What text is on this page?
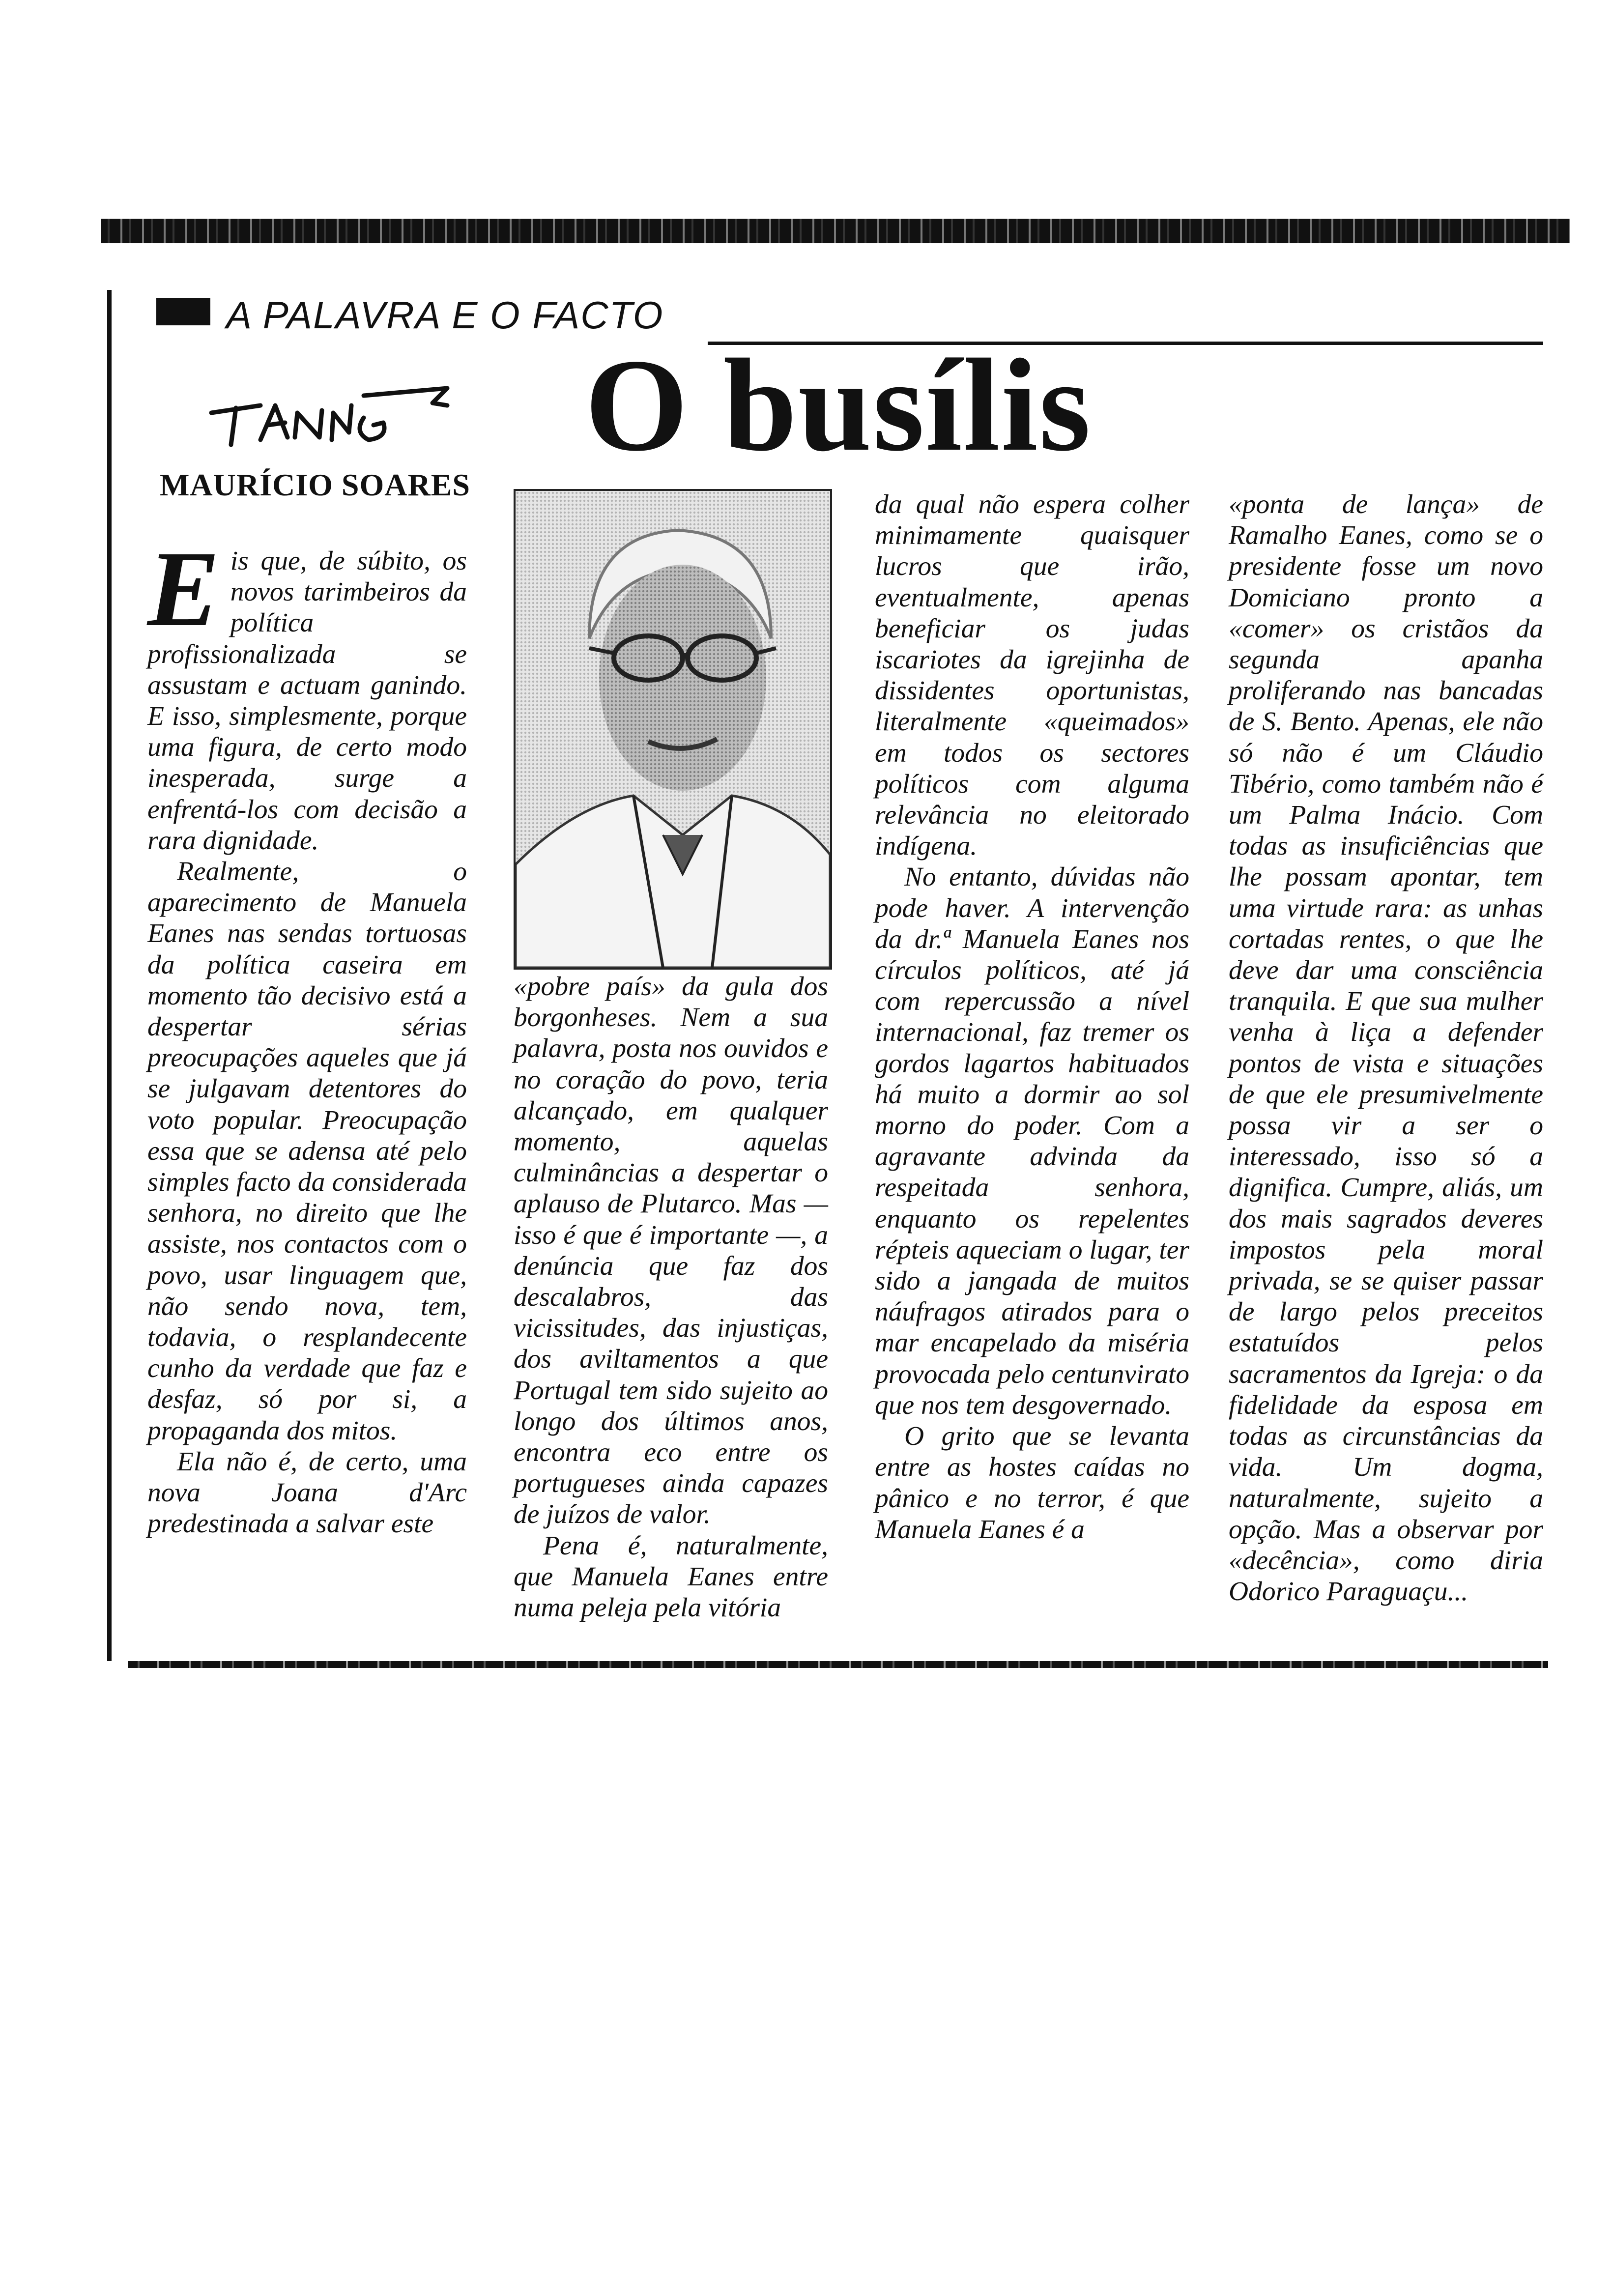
A PALAVRA E O FACTO
O busílis
MAURÍCIO SOARES

Eis que, de súbito, os novos tarimbeiros da política profissionalizada se assustam e actuam ganindo. E isso, simplesmente, porque uma figura, de certo modo inesperada, surge a enfrentá-los com decisão a rara dignidade.

Realmente, o aparecimento de Manuela Eanes nas sendas tortuosas da política caseira em momento tão decisivo está a despertar sérias preocupações aqueles que já se julgavam detentores do voto popular. Preocupação essa que se adensa até pelo simples facto da considerada senhora, no direito que lhe assiste, nos contactos com o povo, usar linguagem que, não sendo nova, tem, todavia, o resplandecente cunho da verdade que faz e desfaz, só por si, a propaganda dos mitos.

Ela não é, de certo, uma nova Joana d'Arc predestinada a salvar este

«pobre país» da gula dos borgonheses. Nem a sua palavra, posta nos ouvidos e no coração do povo, teria alcançado, em qualquer momento, aquelas culminâncias a despertar o aplauso de Plutarco. Mas — isso é que é importante —, a denúncia que faz dos descalabros, das vicissitudes, das injustiças, dos aviltamentos a que Portugal tem sido sujeito ao longo dos últimos anos, encontra eco entre os portugueses ainda capazes de juízos de valor.

Pena é, naturalmente, que Manuela Eanes entre numa peleja pela vitória

da qual não espera colher minimamente quaisquer lucros que irão, eventualmente, apenas beneficiar os judas iscariotes da igrejinha de dissidentes oportunistas, literalmente «queimados» em todos os sectores políticos com alguma relevância no eleitorado indígena.

No entanto, dúvidas não pode haver. A intervenção da dr.ª Manuela Eanes nos círculos políticos, até já com repercussão a nível internacional, faz tremer os gordos lagartos habituados há muito a dormir ao sol morno do poder. Com a agravante advinda da respeitada senhora, enquanto os repelentes répteis aqueciam o lugar, ter sido a jangada de muitos náufragos atirados para o mar encapelado da miséria provocada pelo centunvirato que nos tem desgovernado.

O grito que se levanta entre as hostes caídas no pânico e no terror, é que Manuela Eanes é a

«ponta de lança» de Ramalho Eanes, como se o presidente fosse um novo Domiciano pronto a «comer» os cristãos da segunda apanha proliferando nas bancadas de S. Bento. Apenas, ele não só não é um Cláudio Tibério, como também não é um Palma Inácio. Com todas as insuficiências que lhe possam apontar, tem uma virtude rara: as unhas cortadas rentes, o que lhe deve dar uma consciência tranquila. E que sua mulher venha à liça a defender pontos de vista e situações de que ele presumivelmente possa vir a ser o interessado, isso só a dignifica. Cumpre, aliás, um dos mais sagrados deveres impostos pela moral privada, se se quiser passar de largo pelos preceitos estatuídos pelos sacramentos da Igreja: o da fidelidade da esposa em todas as circunstâncias da vida. Um dogma, naturalmente, sujeito a opção. Mas a observar por «decência», como diria Odorico Paraguaçu...
